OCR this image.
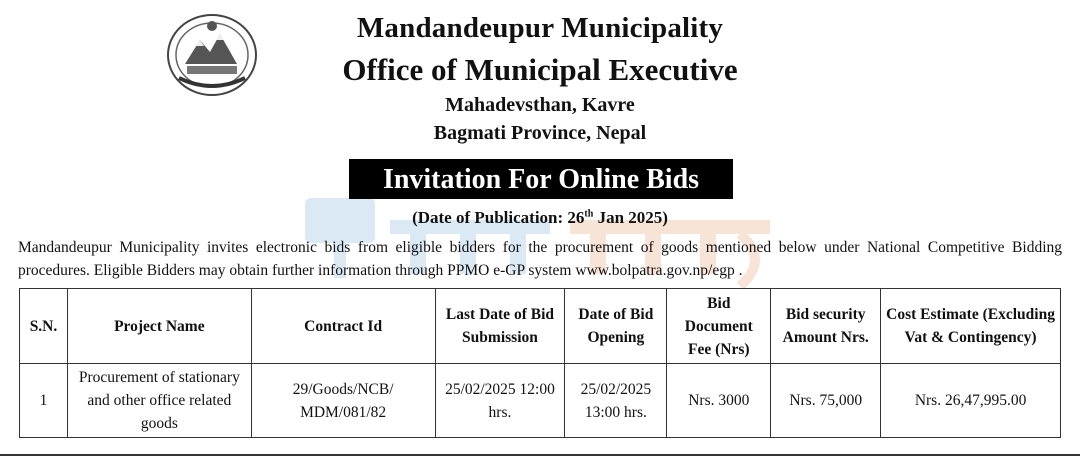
Mandandeupur Municipality
Office of Municipal Executive
Mahadevsthan, Kavre
Bagmati Province, Nepal
Invitation For Online Bids
(Date of Publication: 26th Jan 2025)
Mandandeupur Municipality invites electronic bids from eligible bidders for the procurement of goods mentioned below under National Competitive Bidding procedures. Eligible Bidders may obtain further information through PPMO e-GP system www.bolpatra.gov.np/egp .
S.N.	Project Name	Contract Id	Last Date of Bid Submission	Date of Bid Opening	Bid Document Fee (Nrs)	Bid security Amount Nrs.	Cost Estimate (Excluding Vat & Contingency)
1	Procurement of stationary and other office related goods	29/Goods/NCB/ MDM/081/82	25/02/2025 12:00 hrs.	25/02/2025 13:00 hrs.	Nrs. 3000	Nrs. 75,000	Nrs. 26,47,995.00
